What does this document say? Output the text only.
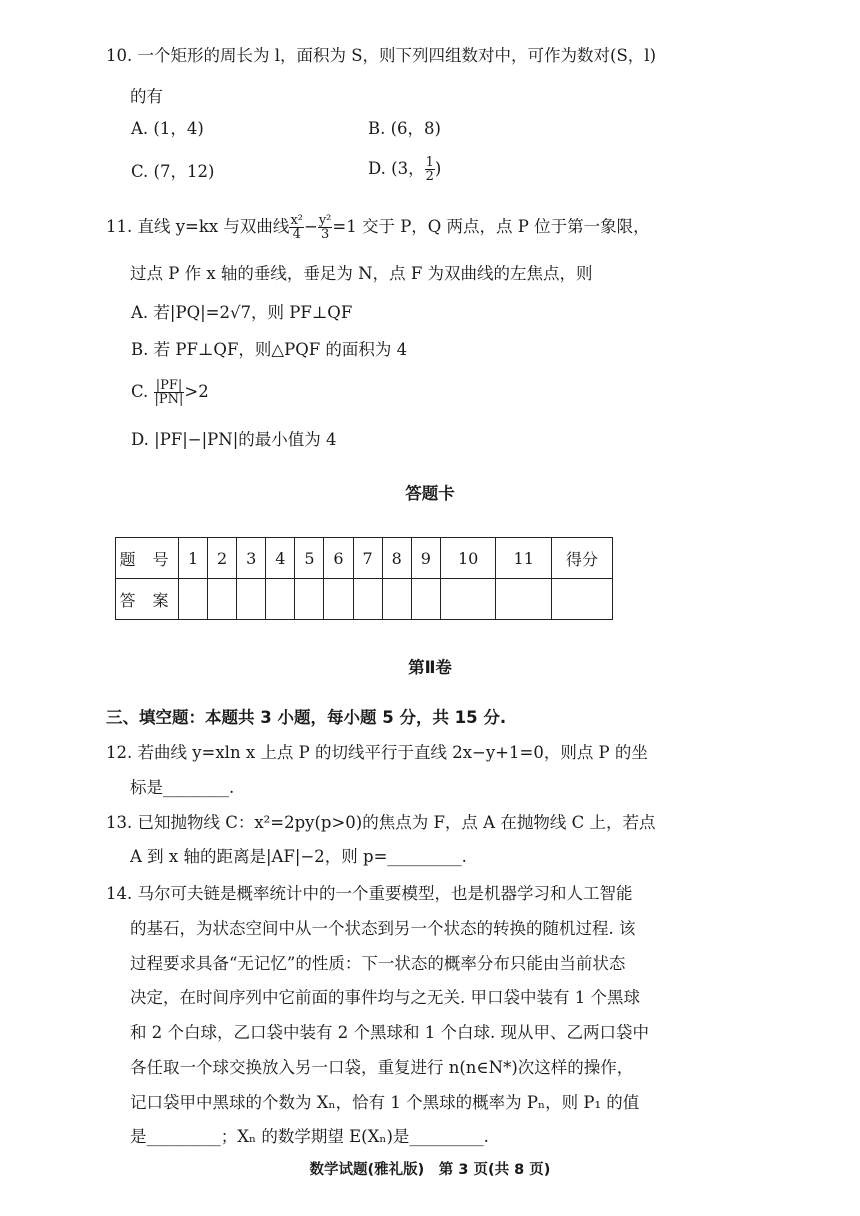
10. 一个矩形的周长为 l，面积为 S，则下列四组数对中，可作为数对(S，l)
的有
A. (1，4)	B. (6，8)
C. (7，12)	D. (3， $\frac{1}{2}$ )
11. 直线 y=kx 与双曲线 $\frac{\text{x²}}{4} - \frac{\text{y²}}{3} =1$ 交于 P，Q 两点，点 P 位于第一象限，
过点 P 作 x 轴的垂线，垂足为 N，点 F 为双曲线的左焦点，则
A. 若|PQ|=2√7，则 PF⊥QF
B. 若 PF⊥QF，则△PQF 的面积为 4
C. $\frac{|PF|}{|PN|} >2$
D. |PF|−|PN|的最小值为 4
答题卡
题 号	1	2	3	4	5	6	7	8	9	10	11	得分
答 案												
第Ⅱ卷
三、填空题：本题共 3 小题，每小题 5 分，共 15 分.
12. 若曲线 y=xln x 上点 P 的切线平行于直线 2x−y+1=0，则点 P 的坐
标是________.
13. 已知抛物线 C：x²=2py(p>0)的焦点为 F，点 A 在抛物线 C 上，若点
A 到 x 轴的距离是|AF|−2，则 p=_________.
14. 马尔可夫链是概率统计中的一个重要模型，也是机器学习和人工智能
的基石，为状态空间中从一个状态到另一个状态的转换的随机过程. 该
过程要求具备“无记忆”的性质：下一状态的概率分布只能由当前状态
决定，在时间序列中它前面的事件均与之无关. 甲口袋中装有 1 个黑球
和 2 个白球，乙口袋中装有 2 个黑球和 1 个白球. 现从甲、乙两口袋中
各任取一个球交换放入另一口袋，重复进行 n(n∈N*)次这样的操作，
记口袋甲中黑球的个数为 Xₙ，恰有 1 个黑球的概率为 Pₙ，则 P₁ 的值
是_________；Xₙ 的数学期望 E(Xₙ)是_________.
数学试题(雅礼版)　第 3 页(共 8 页)
